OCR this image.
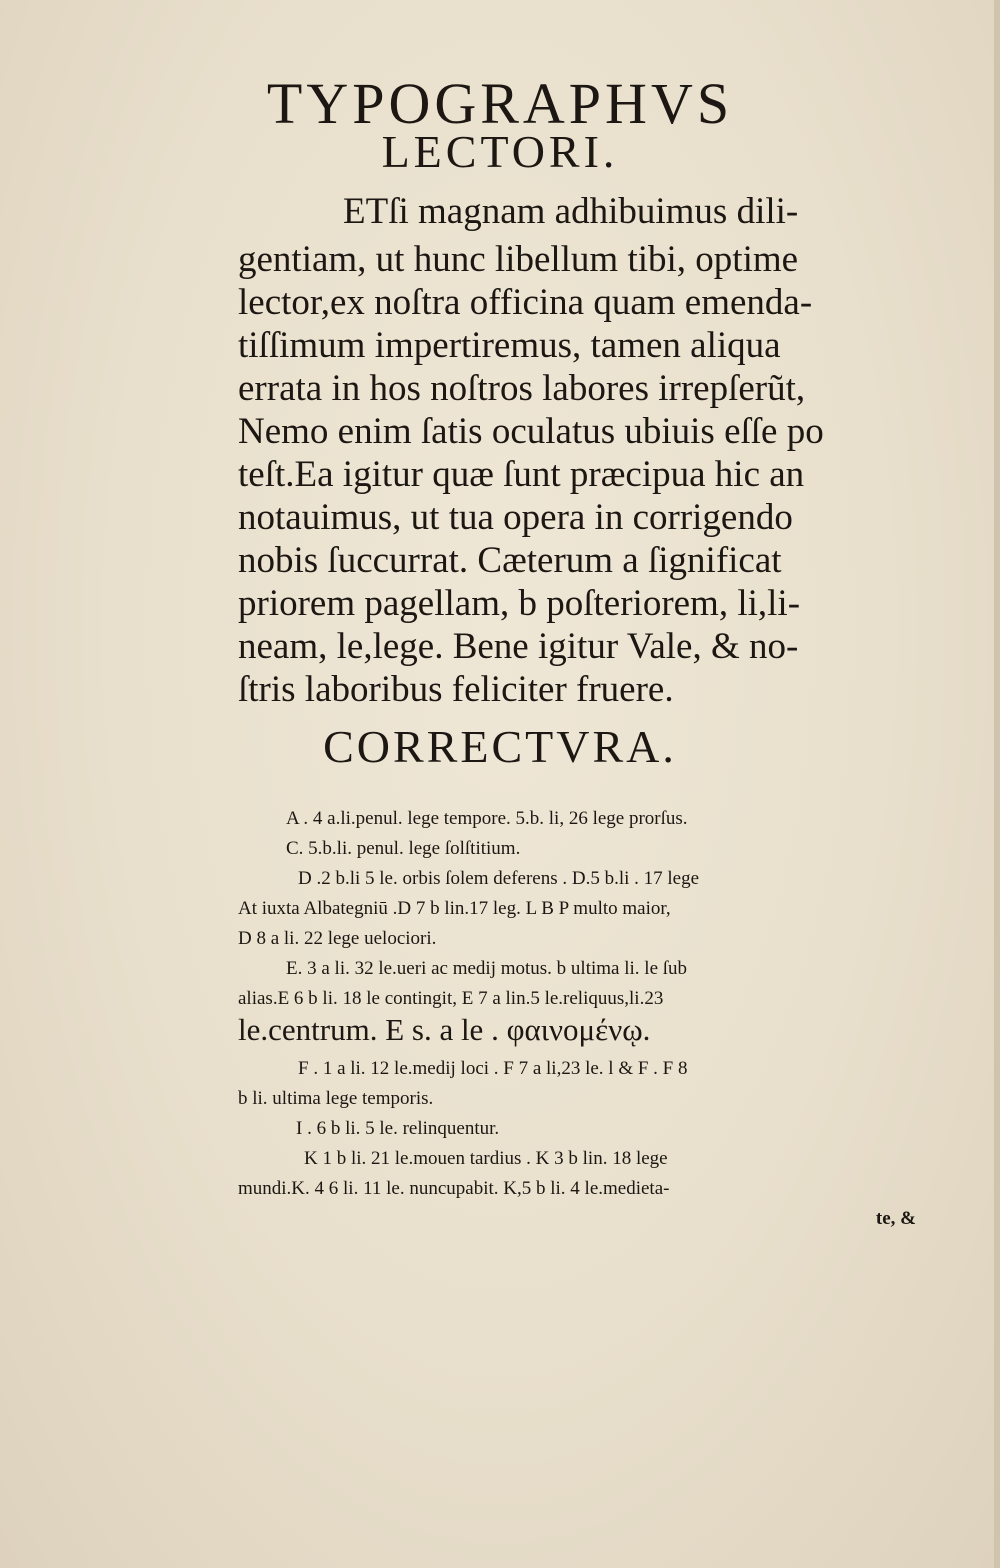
TYPOGRAPHVS
LECTORI.
ETſi magnam adhibuimus dili-
gentiam, ut hunc libellum tibi, optime
lector,ex noſtra officina quam emenda-
tiſſimum impertiremus, tamen aliqua
errata in hos noſtros labores irrepſerũt,
Nemo enim ſatis oculatus ubiuis eſſe po
teſt.Ea igitur quæ ſunt præcipua hic an
notauimus, ut tua opera in corrigendo
nobis ſuccurrat. Cæterum a ſignificat
priorem pagellam, b poſteriorem, li,li-
neam, le,lege. Bene igitur Vale, & no-
ſtris laboribus feliciter fruere.
CORRECTVRA.
A . 4 a.li.penul. lege tempore. 5.b. li, 26 lege prorſus.
C. 5.b.li. penul. lege ſolſtitium.
D .2 b.li 5 le. orbis ſolem deferens . D.5 b.li . 17 lege
At iuxta Albategniū .D 7 b lin.17 leg. L B P multo maior,
D 8 a li. 22 lege uelociori.
E. 3 a li. 32 le.ueri ac medij motus. b ultima li. le ſub
alias.E 6 b li. 18 le contingit, E 7 a lin.5 le.reliquus,li.23
le.centrum. E s. a le . φαινομένῳ.
F . 1 a li. 12 le.medij loci . F 7 a li,23 le. l & F . F 8
b li. ultima lege temporis.
I . 6 b li. 5 le. relinquentur.
K 1 b li. 21 le.mouen tardius . K 3 b lin. 18 lege
mundi.K. 4 6 li. 11 le. nuncupabit. K,5 b li. 4 le.medieta-
te, &
